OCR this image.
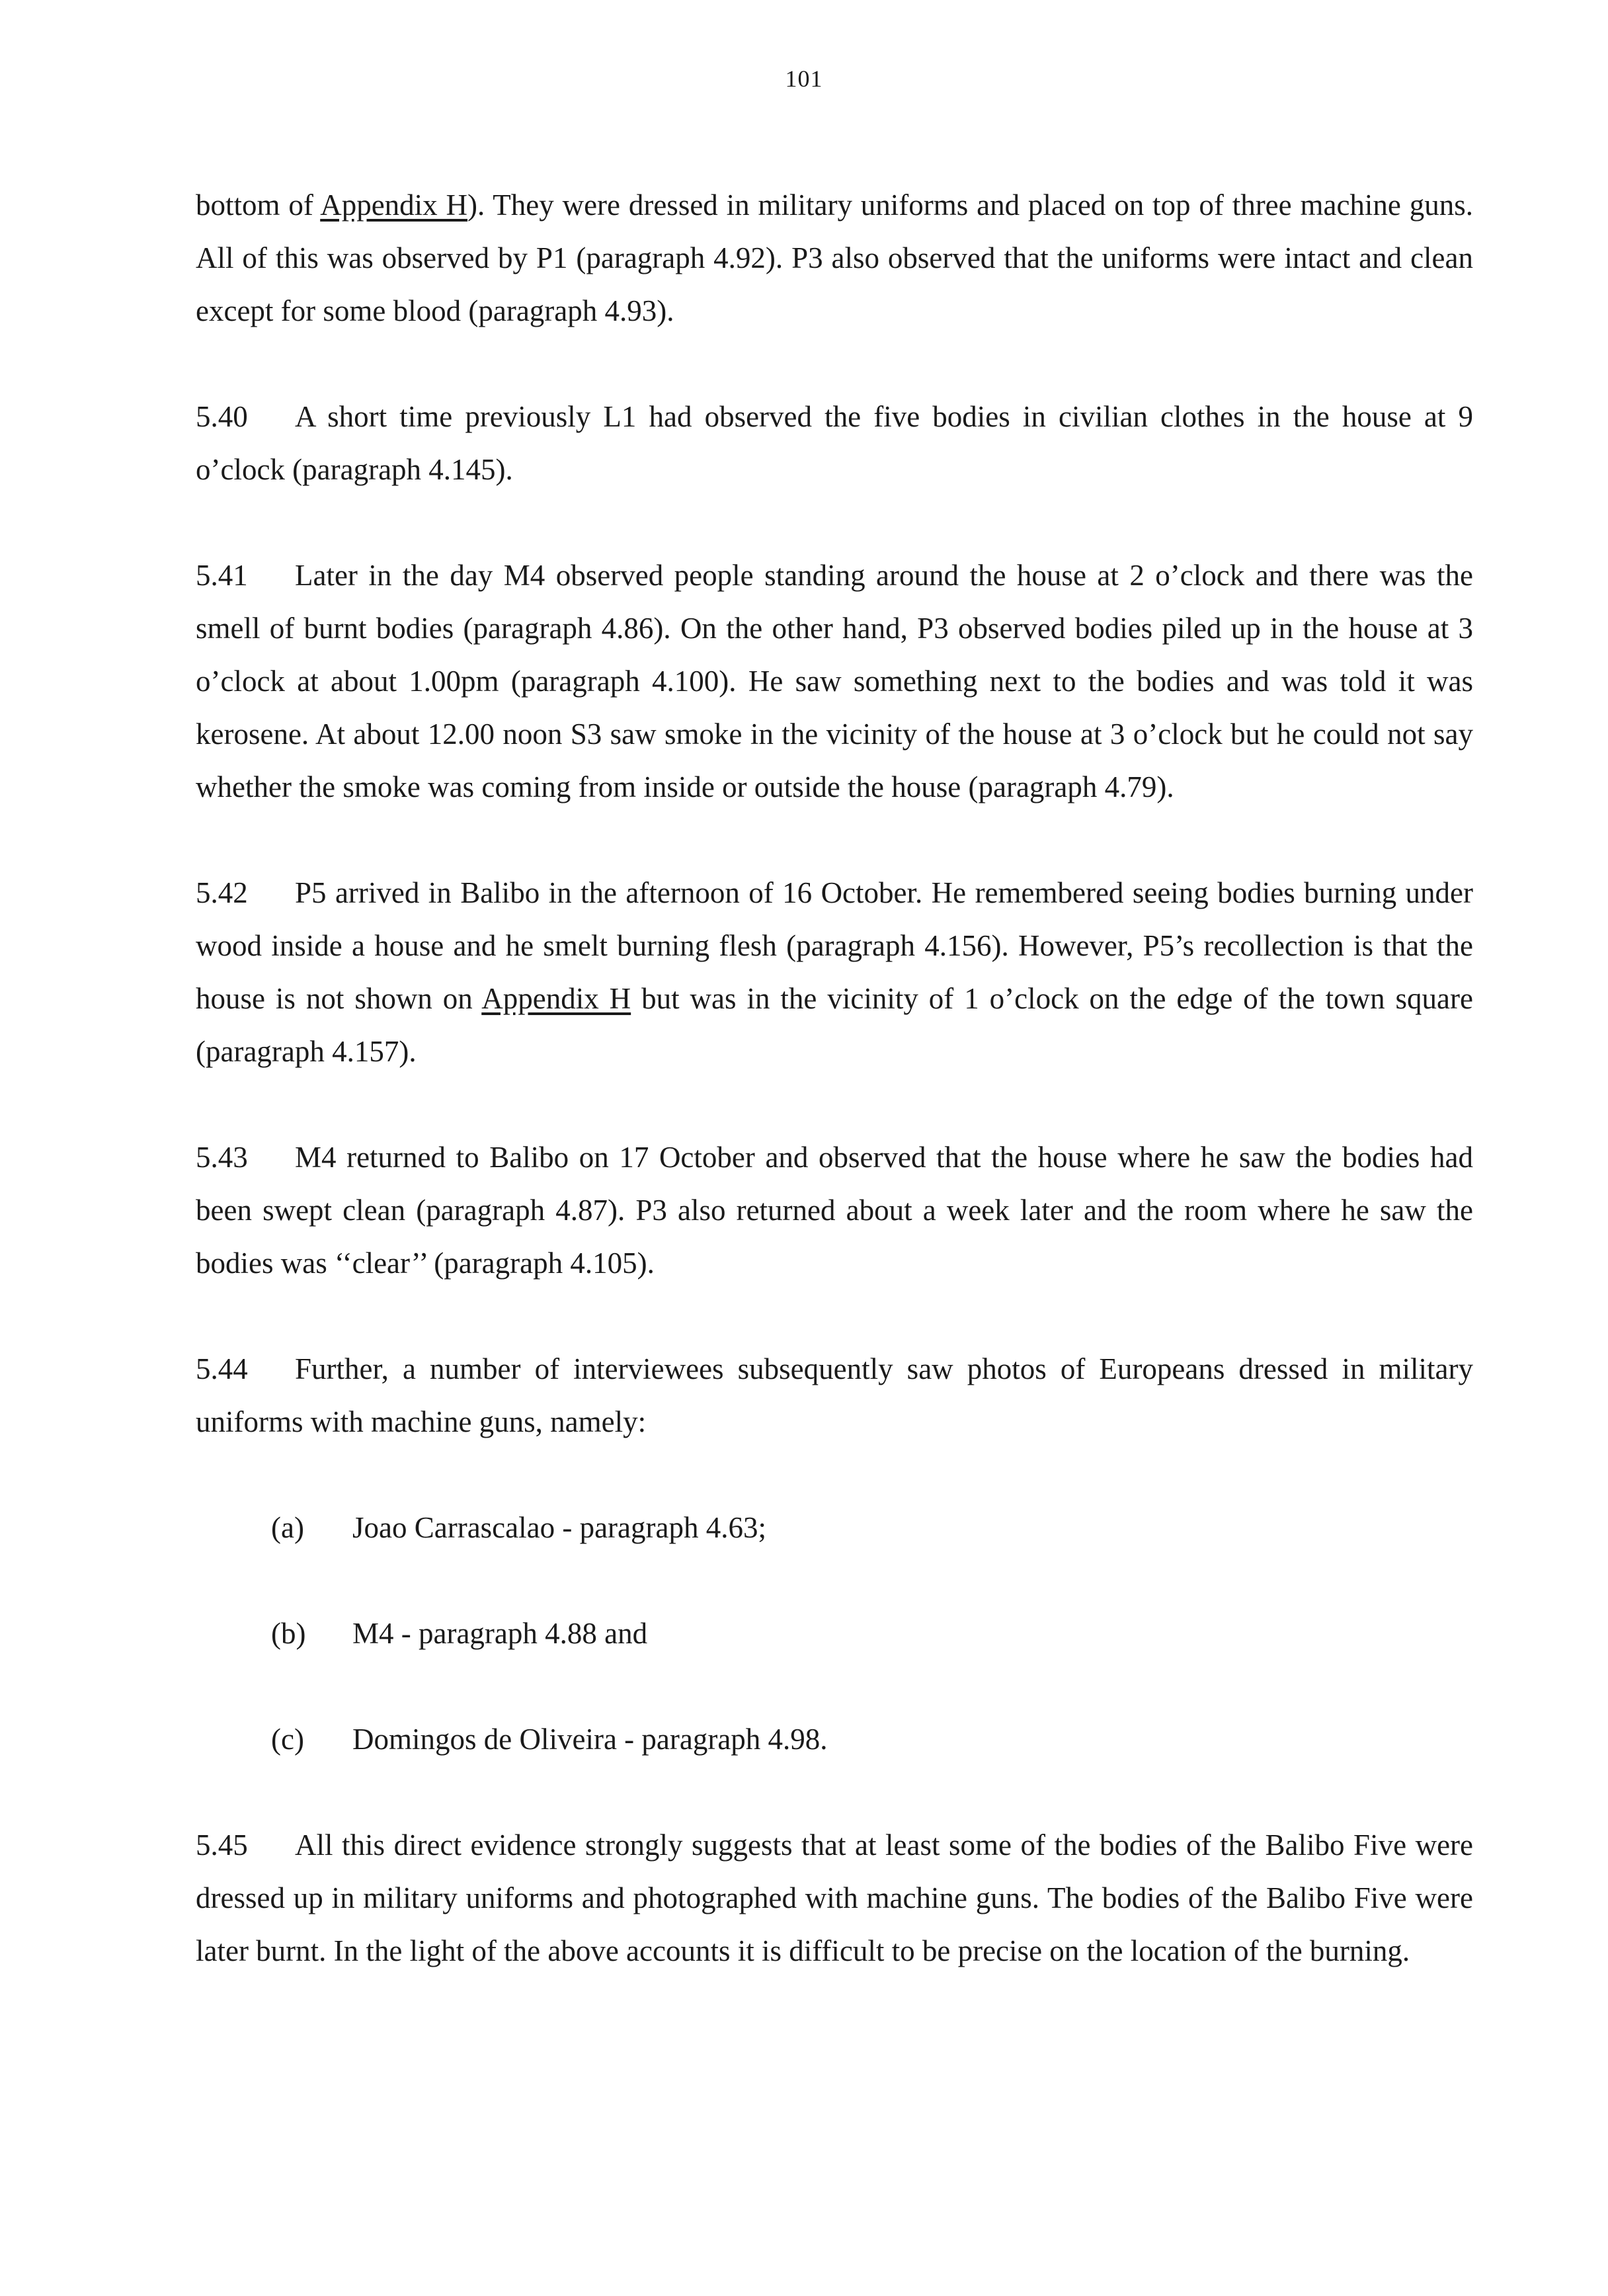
101

bottom of Appendix H). They were dressed in military uniforms and placed on top of three machine guns. All of this was observed by P1 (paragraph 4.92). P3 also observed that the uniforms were intact and clean except for some blood (paragraph 4.93).

5.40 A short time previously L1 had observed the five bodies in civilian clothes in the house at 9 o’clock (paragraph 4.145).

5.41 Later in the day M4 observed people standing around the house at 2 o’clock and there was the smell of burnt bodies (paragraph 4.86). On the other hand, P3 observed bodies piled up in the house at 3 o’clock at about 1.00pm (paragraph 4.100). He saw something next to the bodies and was told it was kerosene. At about 12.00 noon S3 saw smoke in the vicinity of the house at 3 o’clock but he could not say whether the smoke was coming from inside or outside the house (paragraph 4.79).

5.42 P5 arrived in Balibo in the afternoon of 16 October. He remembered seeing bodies burning under wood inside a house and he smelt burning flesh (paragraph 4.156). However, P5’s recollection is that the house is not shown on Appendix H but was in the vicinity of 1 o’clock on the edge of the town square (paragraph 4.157).

5.43 M4 returned to Balibo on 17 October and observed that the house where he saw the bodies had been swept clean (paragraph 4.87). P3 also returned about a week later and the room where he saw the bodies was ‘‘clear’’ (paragraph 4.105).

5.44 Further, a number of interviewees subsequently saw photos of Europeans dressed in military uniforms with machine guns, namely:

(a) Joao Carrascalao - paragraph 4.63;
(b) M4 - paragraph 4.88 and
(c) Domingos de Oliveira - paragraph 4.98.

5.45 All this direct evidence strongly suggests that at least some of the bodies of the Balibo Five were dressed up in military uniforms and photographed with machine guns. The bodies of the Balibo Five were later burnt. In the light of the above accounts it is difficult to be precise on the location of the burning.
